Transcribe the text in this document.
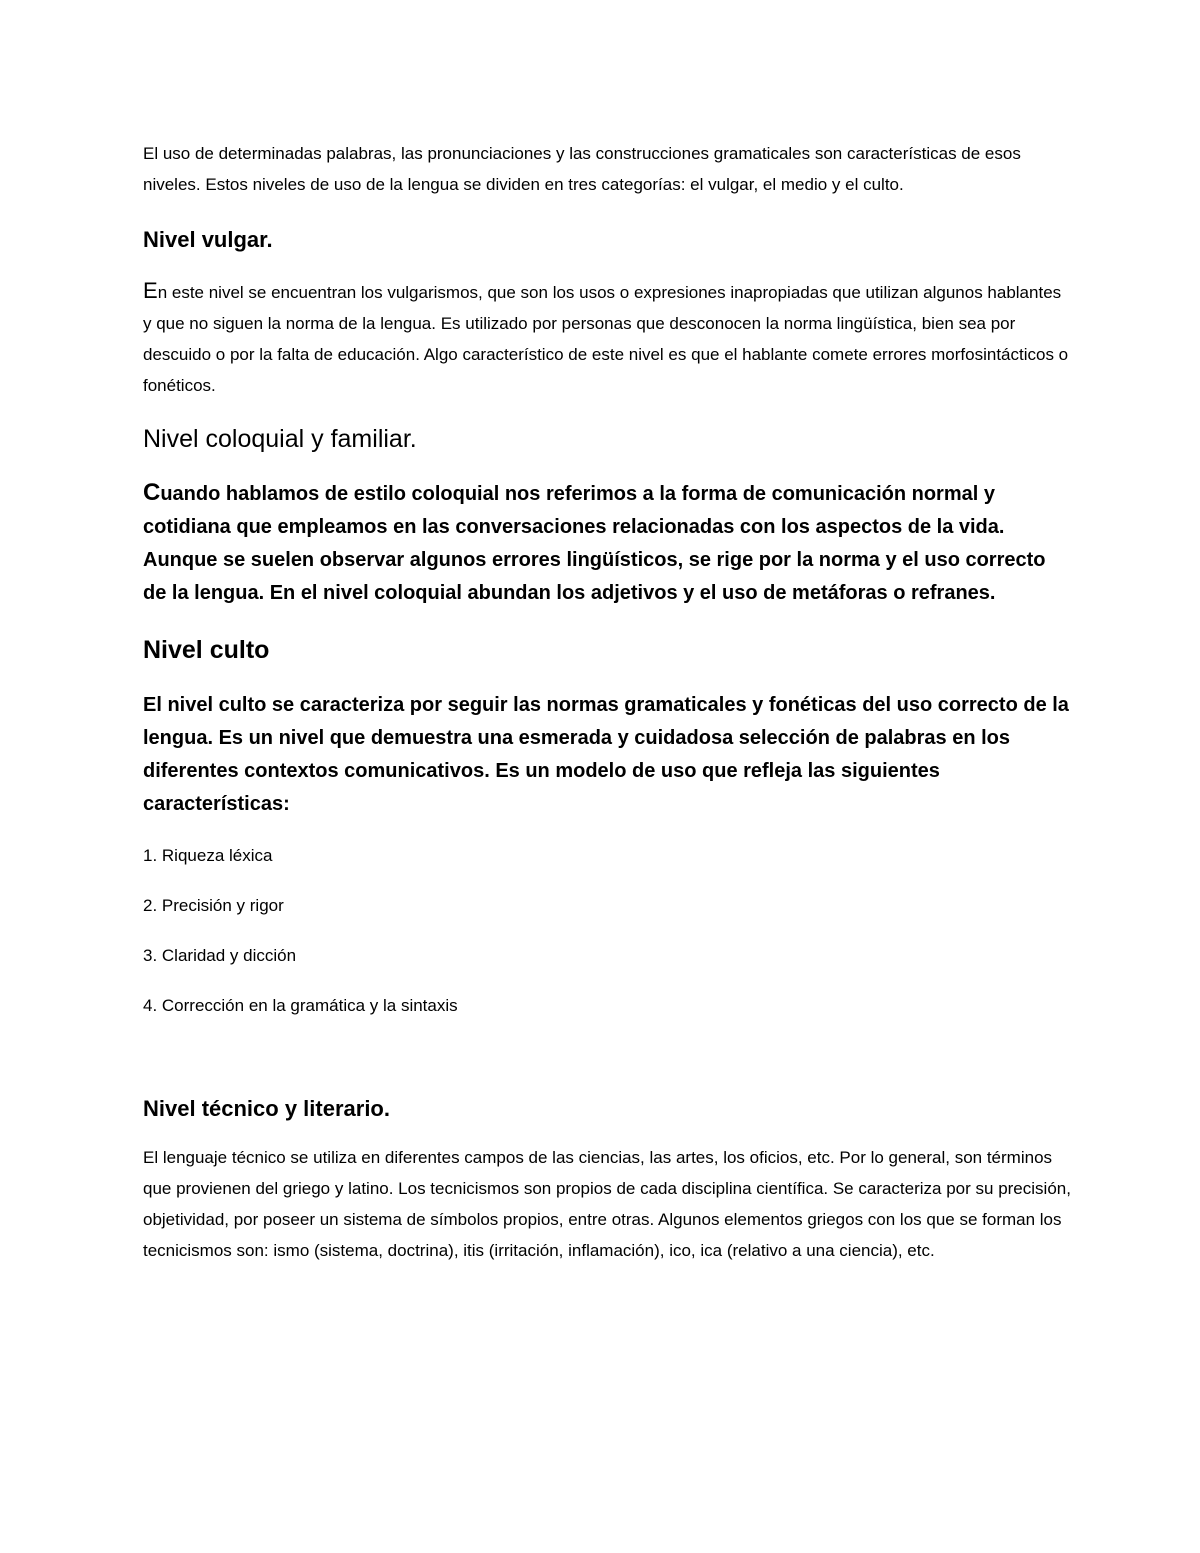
El uso de determinadas palabras, las pronunciaciones y las construcciones gramaticales son características de esos niveles. Estos niveles de uso de la lengua se dividen en tres categorías: el vulgar, el medio y el culto.

Nivel vulgar.

En este nivel se encuentran los vulgarismos, que son los usos o expresiones inapropiadas que utilizan algunos hablantes y que no siguen la norma de la lengua. Es utilizado por personas que desconocen la norma lingüística, bien sea por descuido o por la falta de educación. Algo característico de este nivel es que el hablante comete errores morfosintácticos o fonéticos.

Nivel coloquial y familiar.

Cuando hablamos de estilo coloquial nos referimos a la forma de comunicación normal y cotidiana que empleamos en las conversaciones relacionadas con los aspectos de la vida. Aunque se suelen observar algunos errores lingüísticos, se rige por la norma y el uso correcto de la lengua. En el nivel coloquial abundan los adjetivos y el uso de metáforas o refranes.

Nivel culto

El nivel culto se caracteriza por seguir las normas gramaticales y fonéticas del uso correcto de la lengua. Es un nivel que demuestra una esmerada y cuidadosa selección de palabras en los diferentes contextos comunicativos. Es un modelo de uso que refleja las siguientes características:

1. Riqueza léxica

2. Precisión y rigor

3. Claridad y dicción

4. Corrección en la gramática y la sintaxis

Nivel técnico y literario.

El lenguaje técnico se utiliza en diferentes campos de las ciencias, las artes, los oficios, etc. Por lo general, son términos que provienen del griego y latino. Los tecnicismos son propios de cada disciplina científica. Se caracteriza por su precisión, objetividad, por poseer un sistema de símbolos propios, entre otras. Algunos elementos griegos con los que se forman los tecnicismos son: ismo (sistema, doctrina), itis (irritación, inflamación), ico, ica (relativo a una ciencia), etc.
